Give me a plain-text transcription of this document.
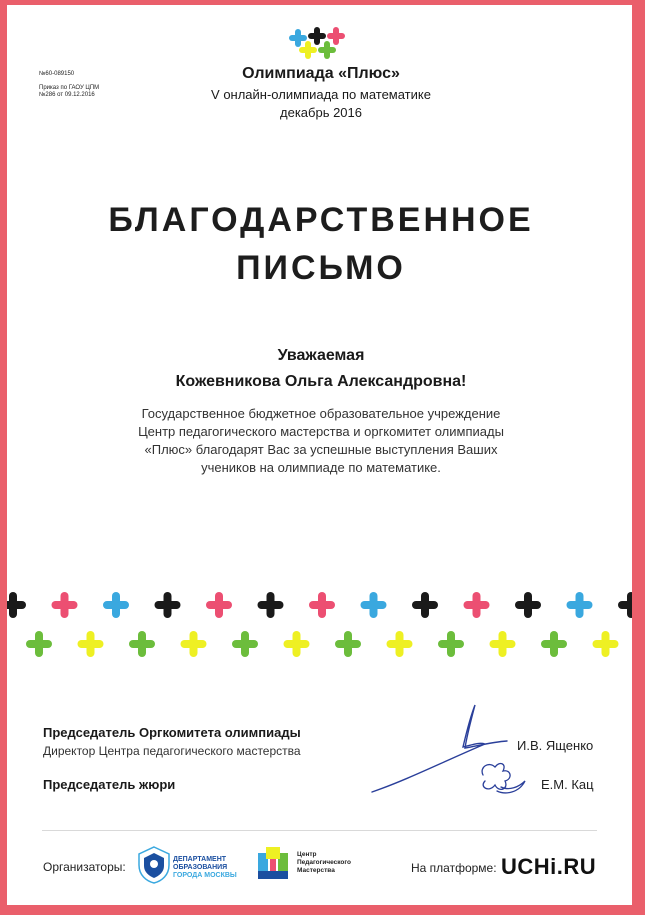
№60-089150
Приказ по ГАОУ ЦПМ
№286 от 09.12.2016
Олимпиада «Плюс»
V онлайн-олимпиада по математике
декабрь 2016
БЛАГОДАРСТВЕННОЕ
ПИСЬМО
Уважаемая
Кожевникова Ольга Александровна!
Государственное бюджетное образовательное учреждение
Центр педагогического мастерства и оргкомитет олимпиады
«Плюс» благодарят Вас за успешные выступления Ваших
учеников на олимпиаде по математике.
Председатель Оргкомитета олимпиады
Директор Центра педагогического мастерства
Председатель жюри
И.В. Ященко
Е.М. Кац
Организаторы:
ДЕПАРТАМЕНТ
ОБРАЗОВАНИЯ
ГОРОДА МОСКВЫ
Центр
Педагогического
Мастерства	На платформе: UCHi.RU
